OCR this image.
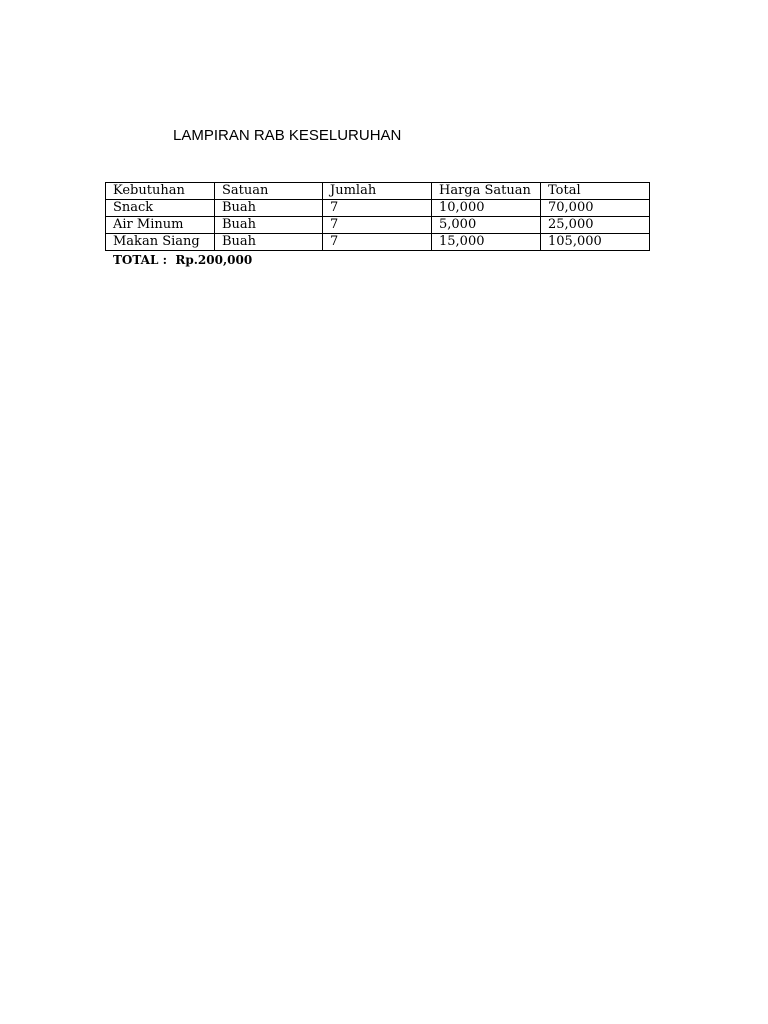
LAMPIRAN RAB KESELURUHAN
Kebutuhan	Satuan	Jumlah	Harga Satuan	Total
Snack	Buah	7	10,000	70,000
Air Minum	Buah	7	5,000	25,000
Makan Siang	Buah	7	15,000	105,000
TOTAL : Rp.200,000
